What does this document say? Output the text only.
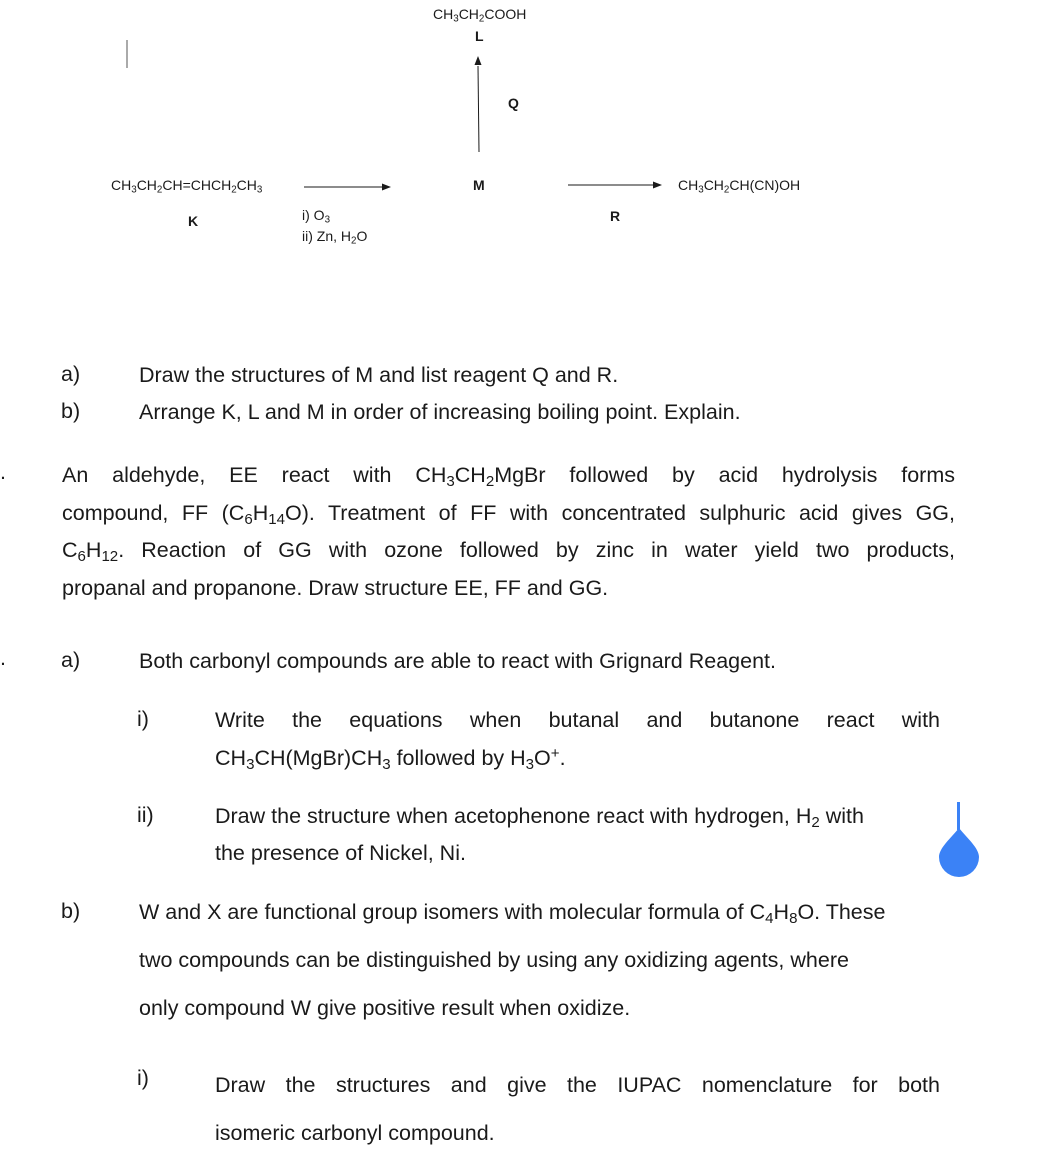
$CH_3CH_2COOH$
L
Q
$CH_3CH_2CH=CHCH_2CH_3$
K
M	$CH_3CH_2CH(CN)OH$
R
i) $O_3$
ii) Zn, $H_2O$
a)	Draw the structures of M and list reagent Q and R.
b)	Arrange K, L and M in order of increasing boiling point. Explain.
.	An aldehyde, EE react with $CH_3CH_2MgBr$ followed by acid hydrolysis forms
compound, FF $(C_6H_{14}O)$. Treatment of FF with concentrated sulphuric acid gives GG,
$C_6H_{12}$. Reaction of GG with ozone followed by zinc in water yield two products,
propanal and propanone. Draw structure EE, FF and GG.
.	a)	Both carbonyl compounds are able to react with Grignard Reagent.
i)	Write the equations when butanal and butanone react with
$CH_3CH(MgBr)CH_3$ followed by $H_3O^+$.
ii)	Draw the structure when acetophenone react with hydrogen, $H_2$ with
the presence of Nickel, Ni.
b)	W and X are functional group isomers with molecular formula of $C_4H_8O$. These
two compounds can be distinguished by using any oxidizing agents, where
only compound W give positive result when oxidize.
i)	Draw the structures and give the IUPAC nomenclature for both
isomeric carbonyl compound.
